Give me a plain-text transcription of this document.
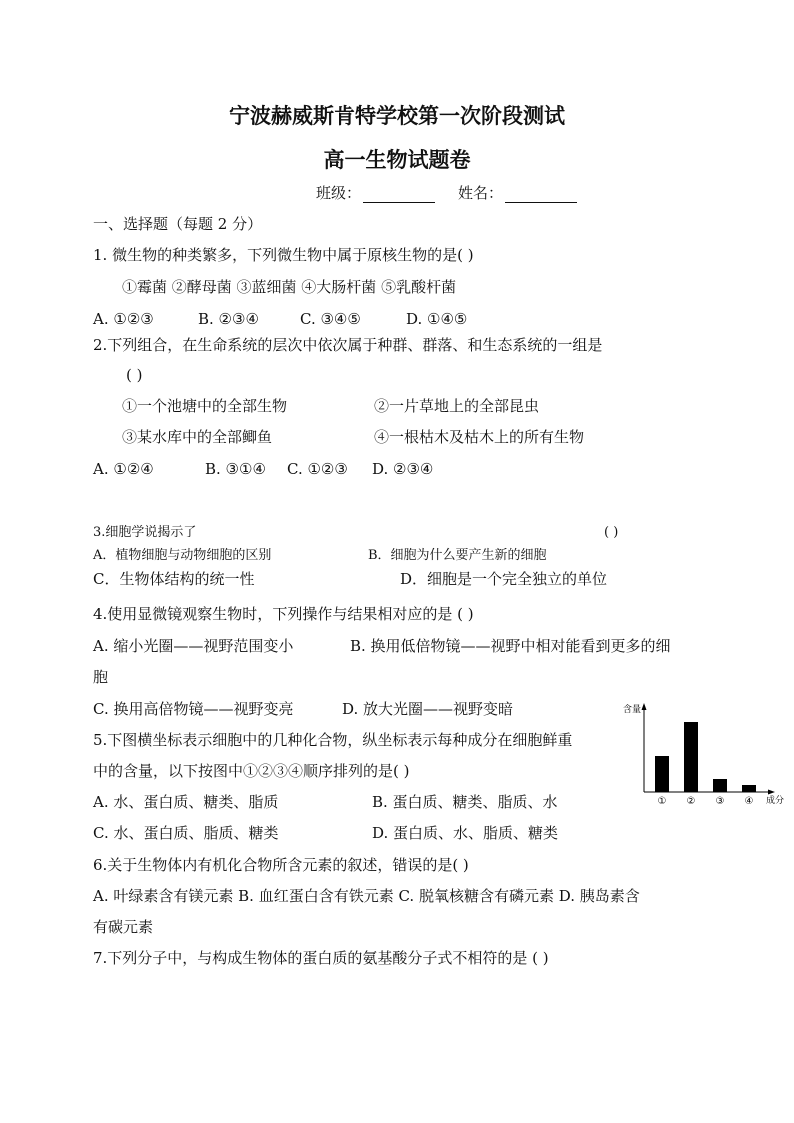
宁波赫威斯肯特学校第一次阶段测试
高一生物试题卷
班级：	姓名：
一、选择题（每题 2 分）
1. 微生物的种类繁多，下列微生物中属于原核生物的是( )
①霉菌 ②酵母菌 ③蓝细菌 ④大肠杆菌 ⑤乳酸杆菌
A. ①②③	B. ②③④	C. ③④⑤	D. ①④⑤
2.下列组合，在生命系统的层次中依次属于种群、群落、和生态系统的一组是
( )
①一个池塘中的全部生物	②一片草地上的全部昆虫
③某水库中的全部鲫鱼	④一根枯木及枯木上的所有生物
A. ①②④	B. ③①④ C. ①②③ D. ②③④
3.细胞学说揭示了	( )
A．植物细胞与动物细胞的区别	B．细胞为什么要产生新的细胞
C．生物体结构的统一性	D．细胞是一个完全独立的单位
4.使用显微镜观察生物时，下列操作与结果相对应的是 ( )
A. 缩小光圈——视野范围变小	B. 换用低倍物镜——视野中相对能看到更多的细
胞
C. 换用高倍物镜——视野变亮	D. 放大光圈——视野变暗
5.下图横坐标表示细胞中的几种化合物，纵坐标表示每种成分在细胞鲜重
中的含量，以下按图中①②③④顺序排列的是( )
A. 水、蛋白质、糖类、脂质	B. 蛋白质、糖类、脂质、水
C. 水、蛋白质、脂质、糖类	D. 蛋白质、水、脂质、糖类
含量
成分
① ② ③ ④
6.关于生物体内有机化合物所含元素的叙述，错误的是( )
A. 叶绿素含有镁元素 B. 血红蛋白含有铁元素 C. 脱氧核糖含有磷元素 D. 胰岛素含
有碳元素
7.下列分子中，与构成生物体的蛋白质的氨基酸分子式不相符的是 ( )
